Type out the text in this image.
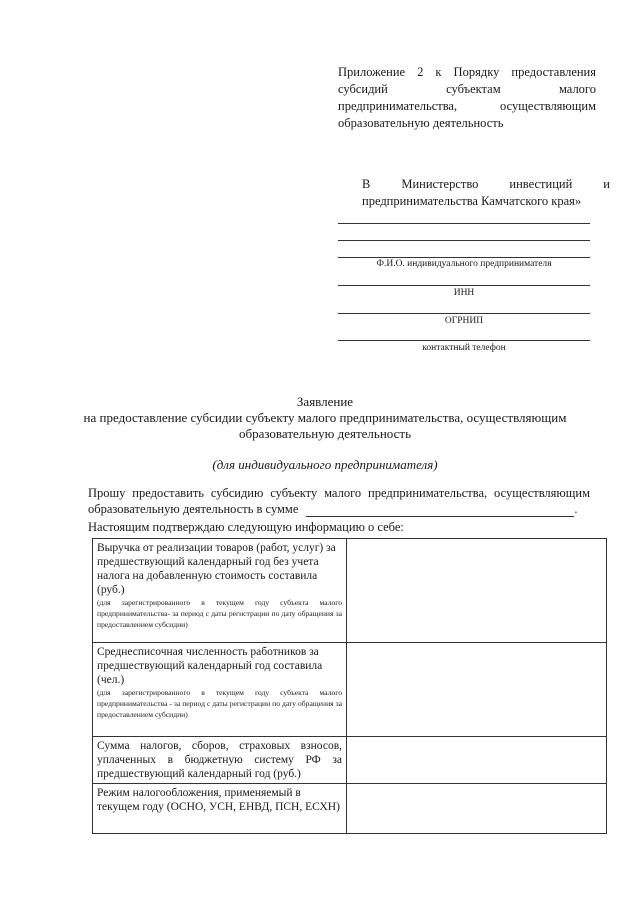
Приложение 2 к Порядку предоставления
субсидий субъектам малого
предпринимательства, осуществляющим
образовательную деятельность
В Министерство инвестиций и
предпринимательства Камчатского края»
Ф.И.О. индивидуального предпринимателя
ИНН
ОГРНИП
контактный телефон
Заявление
на предоставление субсидии субъекту малого предпринимательства, осуществляющим
образовательную деятельность
(для индивидуального предпринимателя)
Прошу предоставить субсидию субъекту малого предпринимательства, осуществляющим
образовательную деятельность в сумме	.
Настоящим подтверждаю следующую информацию о себе:
Выручка от реализации товаров (работ, услуг) за предшествующий календарный год без учета налога на добавленную стоимость составила (руб.)
(для зарегистрированного в текущем году субъекта малого предпринимательства- за период с даты регистрации по дату обращения за предоставлением субсидии)	

Среднесписочная численность работников за предшествующий календарный год составила (чел.)
(для зарегистрированного в текущем году субъекта малого предпринимательства - за период с даты регистрации по дату обращения за предоставлением субсидии)	

Сумма налогов, сборов, страховых взносов, уплаченных в бюджетную систему РФ за предшествующий календарный год (руб.)	

Режим налогообложения, применяемый в текущем году (ОСНО, УСН, ЕНВД, ПСН, ЕСХН)	
